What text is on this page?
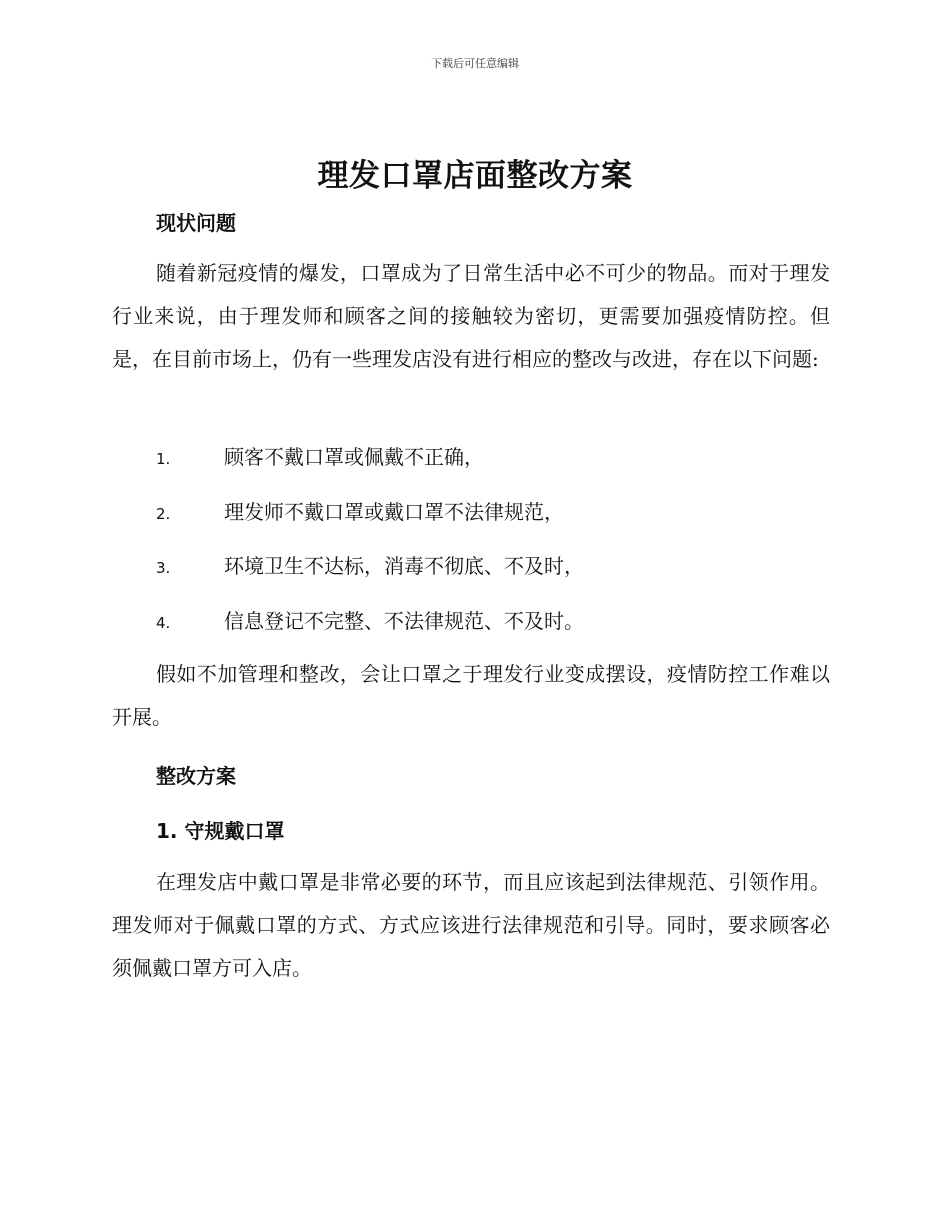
下载后可任意编辑
理发口罩店面整改方案
现状问题
随着新冠疫情的爆发，口罩成为了日常生活中必不可少的物品。而对于理发行业来说，由于理发师和顾客之间的接触较为密切，更需要加强疫情防控。但是，在目前市场上，仍有一些理发店没有进行相应的整改与改进，存在以下问题:
1.	顾客不戴口罩或佩戴不正确，
2.	理发师不戴口罩或戴口罩不法律规范，
3.	环境卫生不达标，消毒不彻底、不及时，
4.	信息登记不完整、不法律规范、不及时。
假如不加管理和整改，会让口罩之于理发行业变成摆设，疫情防控工作难以开展。
整改方案
1. 守规戴口罩
在理发店中戴口罩是非常必要的环节，而且应该起到法律规范、引领作用。理发师对于佩戴口罩的方式、方式应该进行法律规范和引导。同时，要求顾客必须佩戴口罩方可入店。
